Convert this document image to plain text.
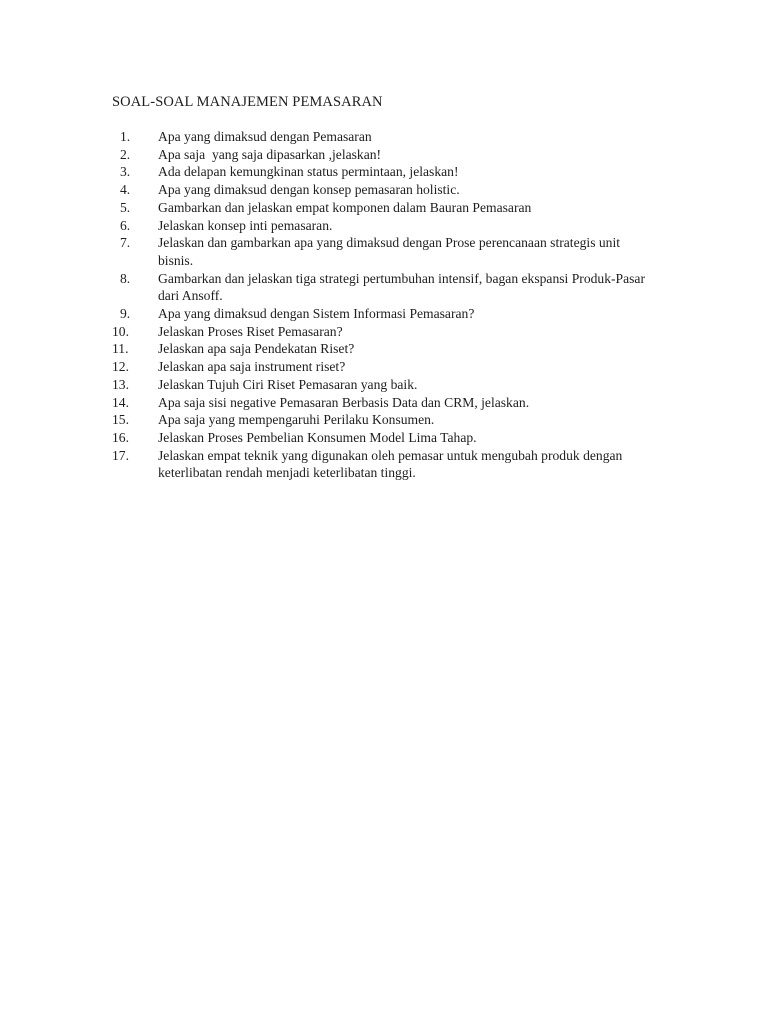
SOAL-SOAL MANAJEMEN PEMASARAN
1.	Apa yang dimaksud dengan Pemasaran
2.	Apa saja  yang saja dipasarkan ,jelaskan!
3.	Ada delapan kemungkinan status permintaan, jelaskan!
4.	Apa yang dimaksud dengan konsep pemasaran holistic.
5.	Gambarkan dan jelaskan empat komponen dalam Bauran Pemasaran
6.	Jelaskan konsep inti pemasaran.
7.	Jelaskan dan gambarkan apa yang dimaksud dengan Prose perencanaan strategis unit bisnis.
8.	Gambarkan dan jelaskan tiga strategi pertumbuhan intensif, bagan ekspansi Produk-Pasar dari Ansoff.
9.	Apa yang dimaksud dengan Sistem Informasi Pemasaran?
10.	Jelaskan Proses Riset Pemasaran?
11.	Jelaskan apa saja Pendekatan Riset?
12.	Jelaskan apa saja instrument riset?
13.	Jelaskan Tujuh Ciri Riset Pemasaran yang baik.
14.	Apa saja sisi negative Pemasaran Berbasis Data dan CRM, jelaskan.
15.	Apa saja yang mempengaruhi Perilaku Konsumen.
16.	Jelaskan Proses Pembelian Konsumen Model Lima Tahap.
17.	Jelaskan empat teknik yang digunakan oleh pemasar untuk mengubah produk dengan keterlibatan rendah menjadi keterlibatan tinggi.
